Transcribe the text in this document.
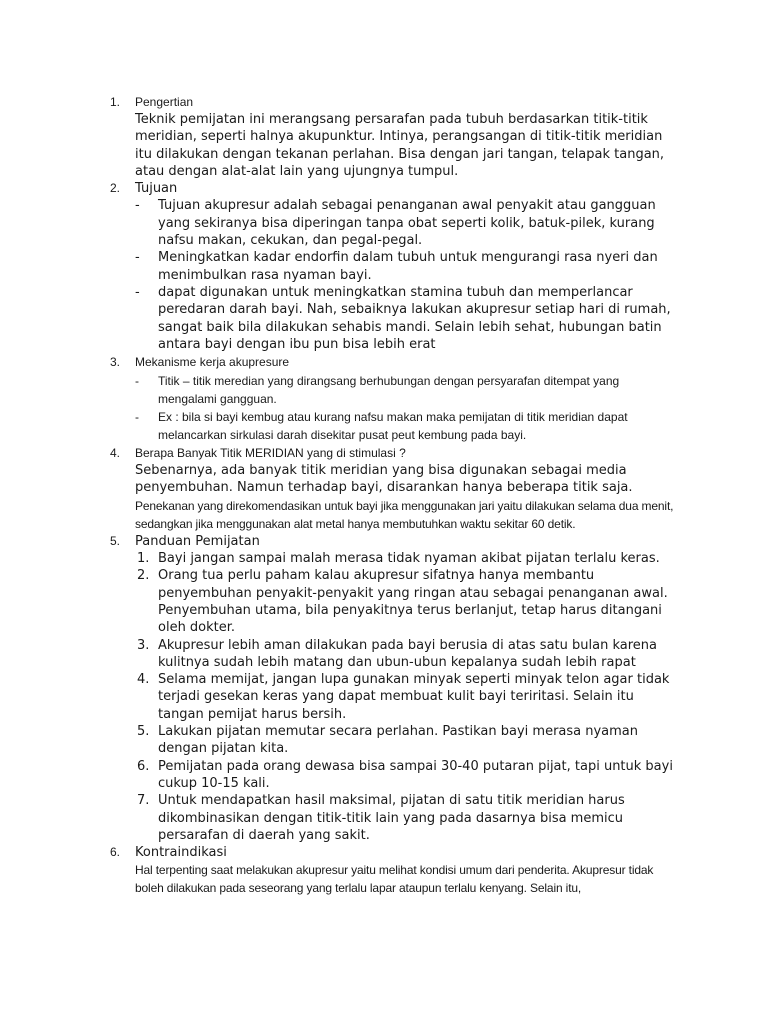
1.	Pengertian
Teknik pemijatan ini merangsang persarafan pada tubuh berdasarkan titik-titik meridian, seperti halnya akupunktur. Intinya, perangsangan di titik-titik meridian itu dilakukan dengan tekanan perlahan. Bisa dengan jari tangan, telapak tangan, atau dengan alat-alat lain yang ujungnya tumpul.
2.	Tujuan
- Tujuan akupresur adalah sebagai penanganan awal penyakit atau gangguan yang sekiranya bisa diperingan tanpa obat seperti kolik, batuk-pilek, kurang nafsu makan, cekukan, dan pegal-pegal.
- Meningkatkan kadar endorfin dalam tubuh untuk mengurangi rasa nyeri dan menimbulkan rasa nyaman bayi.
- dapat digunakan untuk meningkatkan stamina tubuh dan memperlancar peredaran darah bayi. Nah, sebaiknya lakukan akupresur setiap hari di rumah, sangat baik bila dilakukan sehabis mandi. Selain lebih sehat, hubungan batin antara bayi dengan ibu pun bisa lebih erat
3.	Mekanisme kerja akupresure
- Titik – titik meredian yang dirangsang berhubungan dengan persyarafan ditempat yang mengalami gangguan.
- Ex : bila si bayi kembug atau kurang nafsu makan maka pemijatan di titik meridian dapat melancarkan sirkulasi darah disekitar pusat peut kembung pada bayi.
4.	Berapa Banyak Titik MERIDIAN yang di stimulasi ?
Sebenarnya, ada banyak titik meridian yang bisa digunakan sebagai media penyembuhan. Namun terhadap bayi, disarankan hanya beberapa titik saja.
Penekanan yang direkomendasikan untuk bayi jika menggunakan jari yaitu dilakukan selama dua menit, sedangkan jika menggunakan alat metal hanya membutuhkan waktu sekitar 60 detik.
5.	Panduan Pemijatan
1. Bayi jangan sampai malah merasa tidak nyaman akibat pijatan terlalu keras.
2. Orang tua perlu paham kalau akupresur sifatnya hanya membantu penyembuhan penyakit-penyakit yang ringan atau sebagai penanganan awal. Penyembuhan utama, bila penyakitnya terus berlanjut, tetap harus ditangani oleh dokter.
3. Akupresur lebih aman dilakukan pada bayi berusia di atas satu bulan karena kulitnya sudah lebih matang dan ubun-ubun kepalanya sudah lebih rapat
4. Selama memijat, jangan lupa gunakan minyak seperti minyak telon agar tidak terjadi gesekan keras yang dapat membuat kulit bayi teriritasi. Selain itu tangan pemijat harus bersih.
5. Lakukan pijatan memutar secara perlahan. Pastikan bayi merasa nyaman dengan pijatan kita.
6. Pemijatan pada orang dewasa bisa sampai 30-40 putaran pijat, tapi untuk bayi cukup 10-15 kali.
7. Untuk mendapatkan hasil maksimal, pijatan di satu titik meridian harus dikombinasikan dengan titik-titik lain yang pada dasarnya bisa memicu persarafan di daerah yang sakit.
6.	Kontraindikasi
Hal terpenting saat melakukan akupresur yaitu melihat kondisi umum dari penderita. Akupresur tidak boleh dilakukan pada seseorang yang terlalu lapar ataupun terlalu kenyang. Selain itu,
